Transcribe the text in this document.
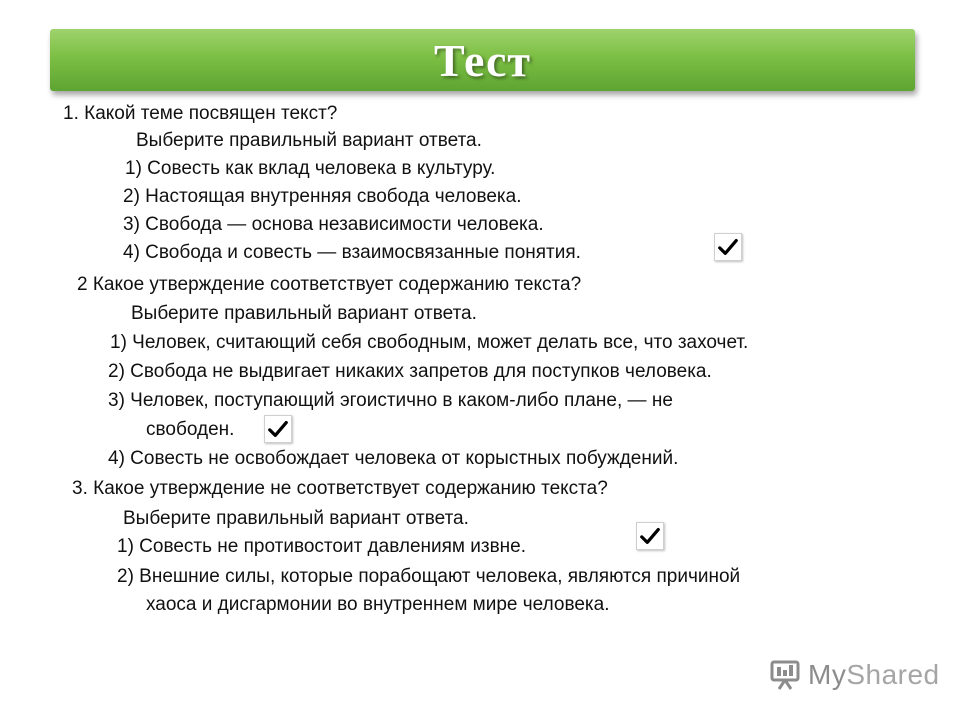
Тест
1. Какой теме посвящен текст?
Выберите правильный вариант ответа.
1) Совесть как вклад человека в культуру.
2) Настоящая внутренняя свобода человека.
3) Свобода — основа независимости человека.
4) Свобода и совесть — взаимосвязанные понятия.
2 Какое утверждение соответствует содержанию текста?
Выберите правильный вариант ответа.
1) Человек, считающий себя свободным, может делать все, что захочет.
2) Свобода не выдвигает никаких запретов для поступков человека.
3) Человек, поступающий эгоистично в каком-либо плане, — не
свободен.
4) Совесть не освобождает человека от корыстных побуждений.
3. Какое утверждение не соответствует содержанию текста?
Выберите правильный вариант ответа.
1) Совесть не противостоит давлениям извне.
2) Внешние силы, которые порабощают человека, являются причиной
хаоса и дисгармонии во внутреннем мире человека.
MyShared
